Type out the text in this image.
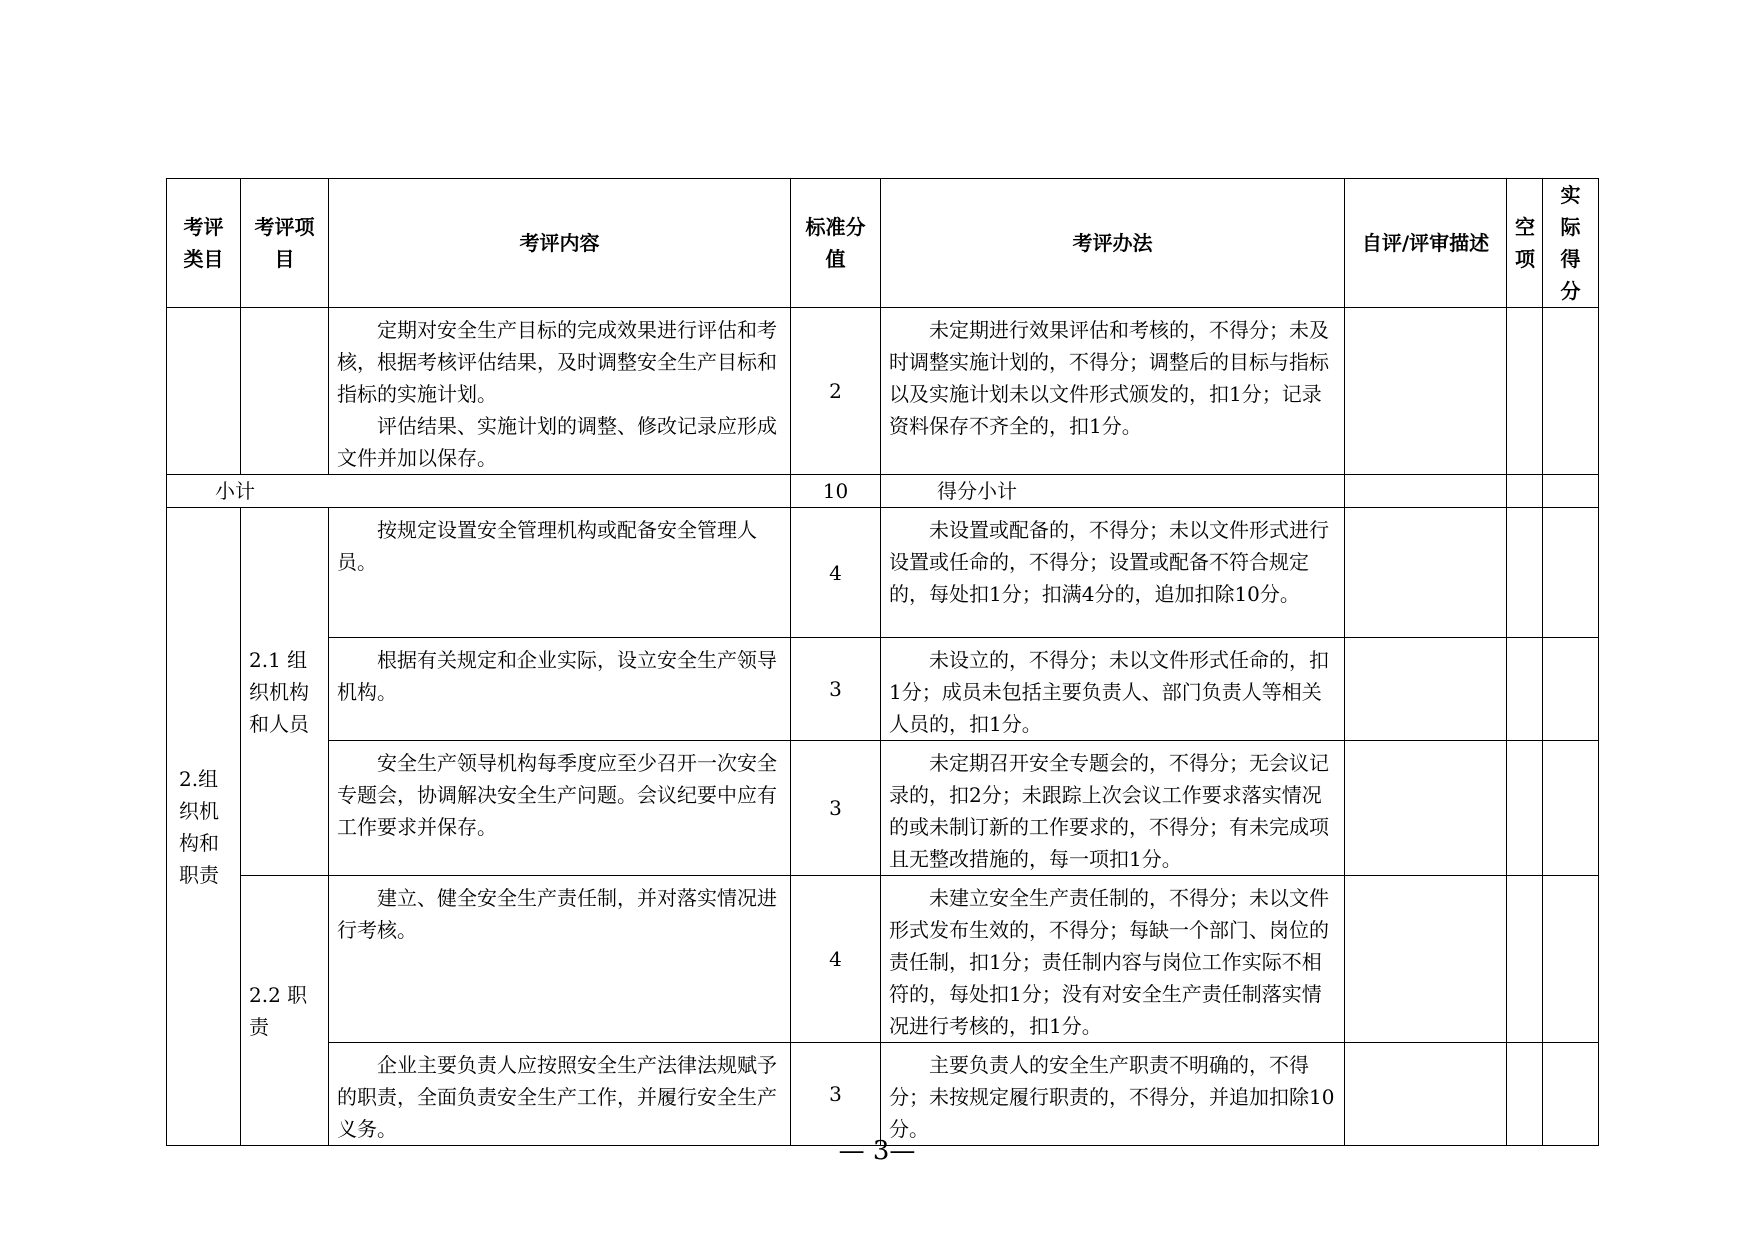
考评类目	考评项目	考评内容	标准分值	考评办法	自评/评审描述	空项	实际得分

		定期对安全生产目标的完成效果进行评估和考核，根据考核评估结果，及时调整安全生产目标和指标的实施计划。
评估结果、实施计划的调整、修改记录应形成文件并加以保存。	2	未定期进行效果评估和考核的，不得分；未及时调整实施计划的，不得分；调整后的目标与指标以及实施计划未以文件形式颁发的，扣1分；记录资料保存不齐全的，扣1分。			

小计			10	得分小计			
2.组织机构和职责	2.1 组织机构和人员	按规定设置安全管理机构或配备安全管理人员。	4	未设置或配备的，不得分；未以文件形式进行设置或任命的，不得分；设置或配备不符合规定的，每处扣1分；扣满4分的，追加扣除10分。			

		根据有关规定和企业实际，设立安全生产领导机构。	3	未设立的，不得分；未以文件形式任命的，扣1分；成员未包括主要负责人、部门负责人等相关人员的，扣1分。			

		安全生产领导机构每季度应至少召开一次安全专题会，协调解决安全生产问题。会议纪要中应有工作要求并保存。	3	未定期召开安全专题会的，不得分；无会议记录的，扣2分；未跟踪上次会议工作要求落实情况的或未制订新的工作要求的，不得分；有未完成项且无整改措施的，每一项扣1分。			

	2.2 职责	建立、健全安全生产责任制，并对落实情况进行考核。	4	未建立安全生产责任制的，不得分；未以文件形式发布生效的，不得分；每缺一个部门、岗位的责任制，扣1分；责任制内容与岗位工作实际不相符的，每处扣1分；没有对安全生产责任制落实情况进行考核的，扣1分。			

		企业主要负责人应按照安全生产法律法规赋予的职责，全面负责安全生产工作，并履行安全生产义务。	3	主要负责人的安全生产职责不明确的，不得分；未按规定履行职责的，不得分，并追加扣除10分。			

— 3—
